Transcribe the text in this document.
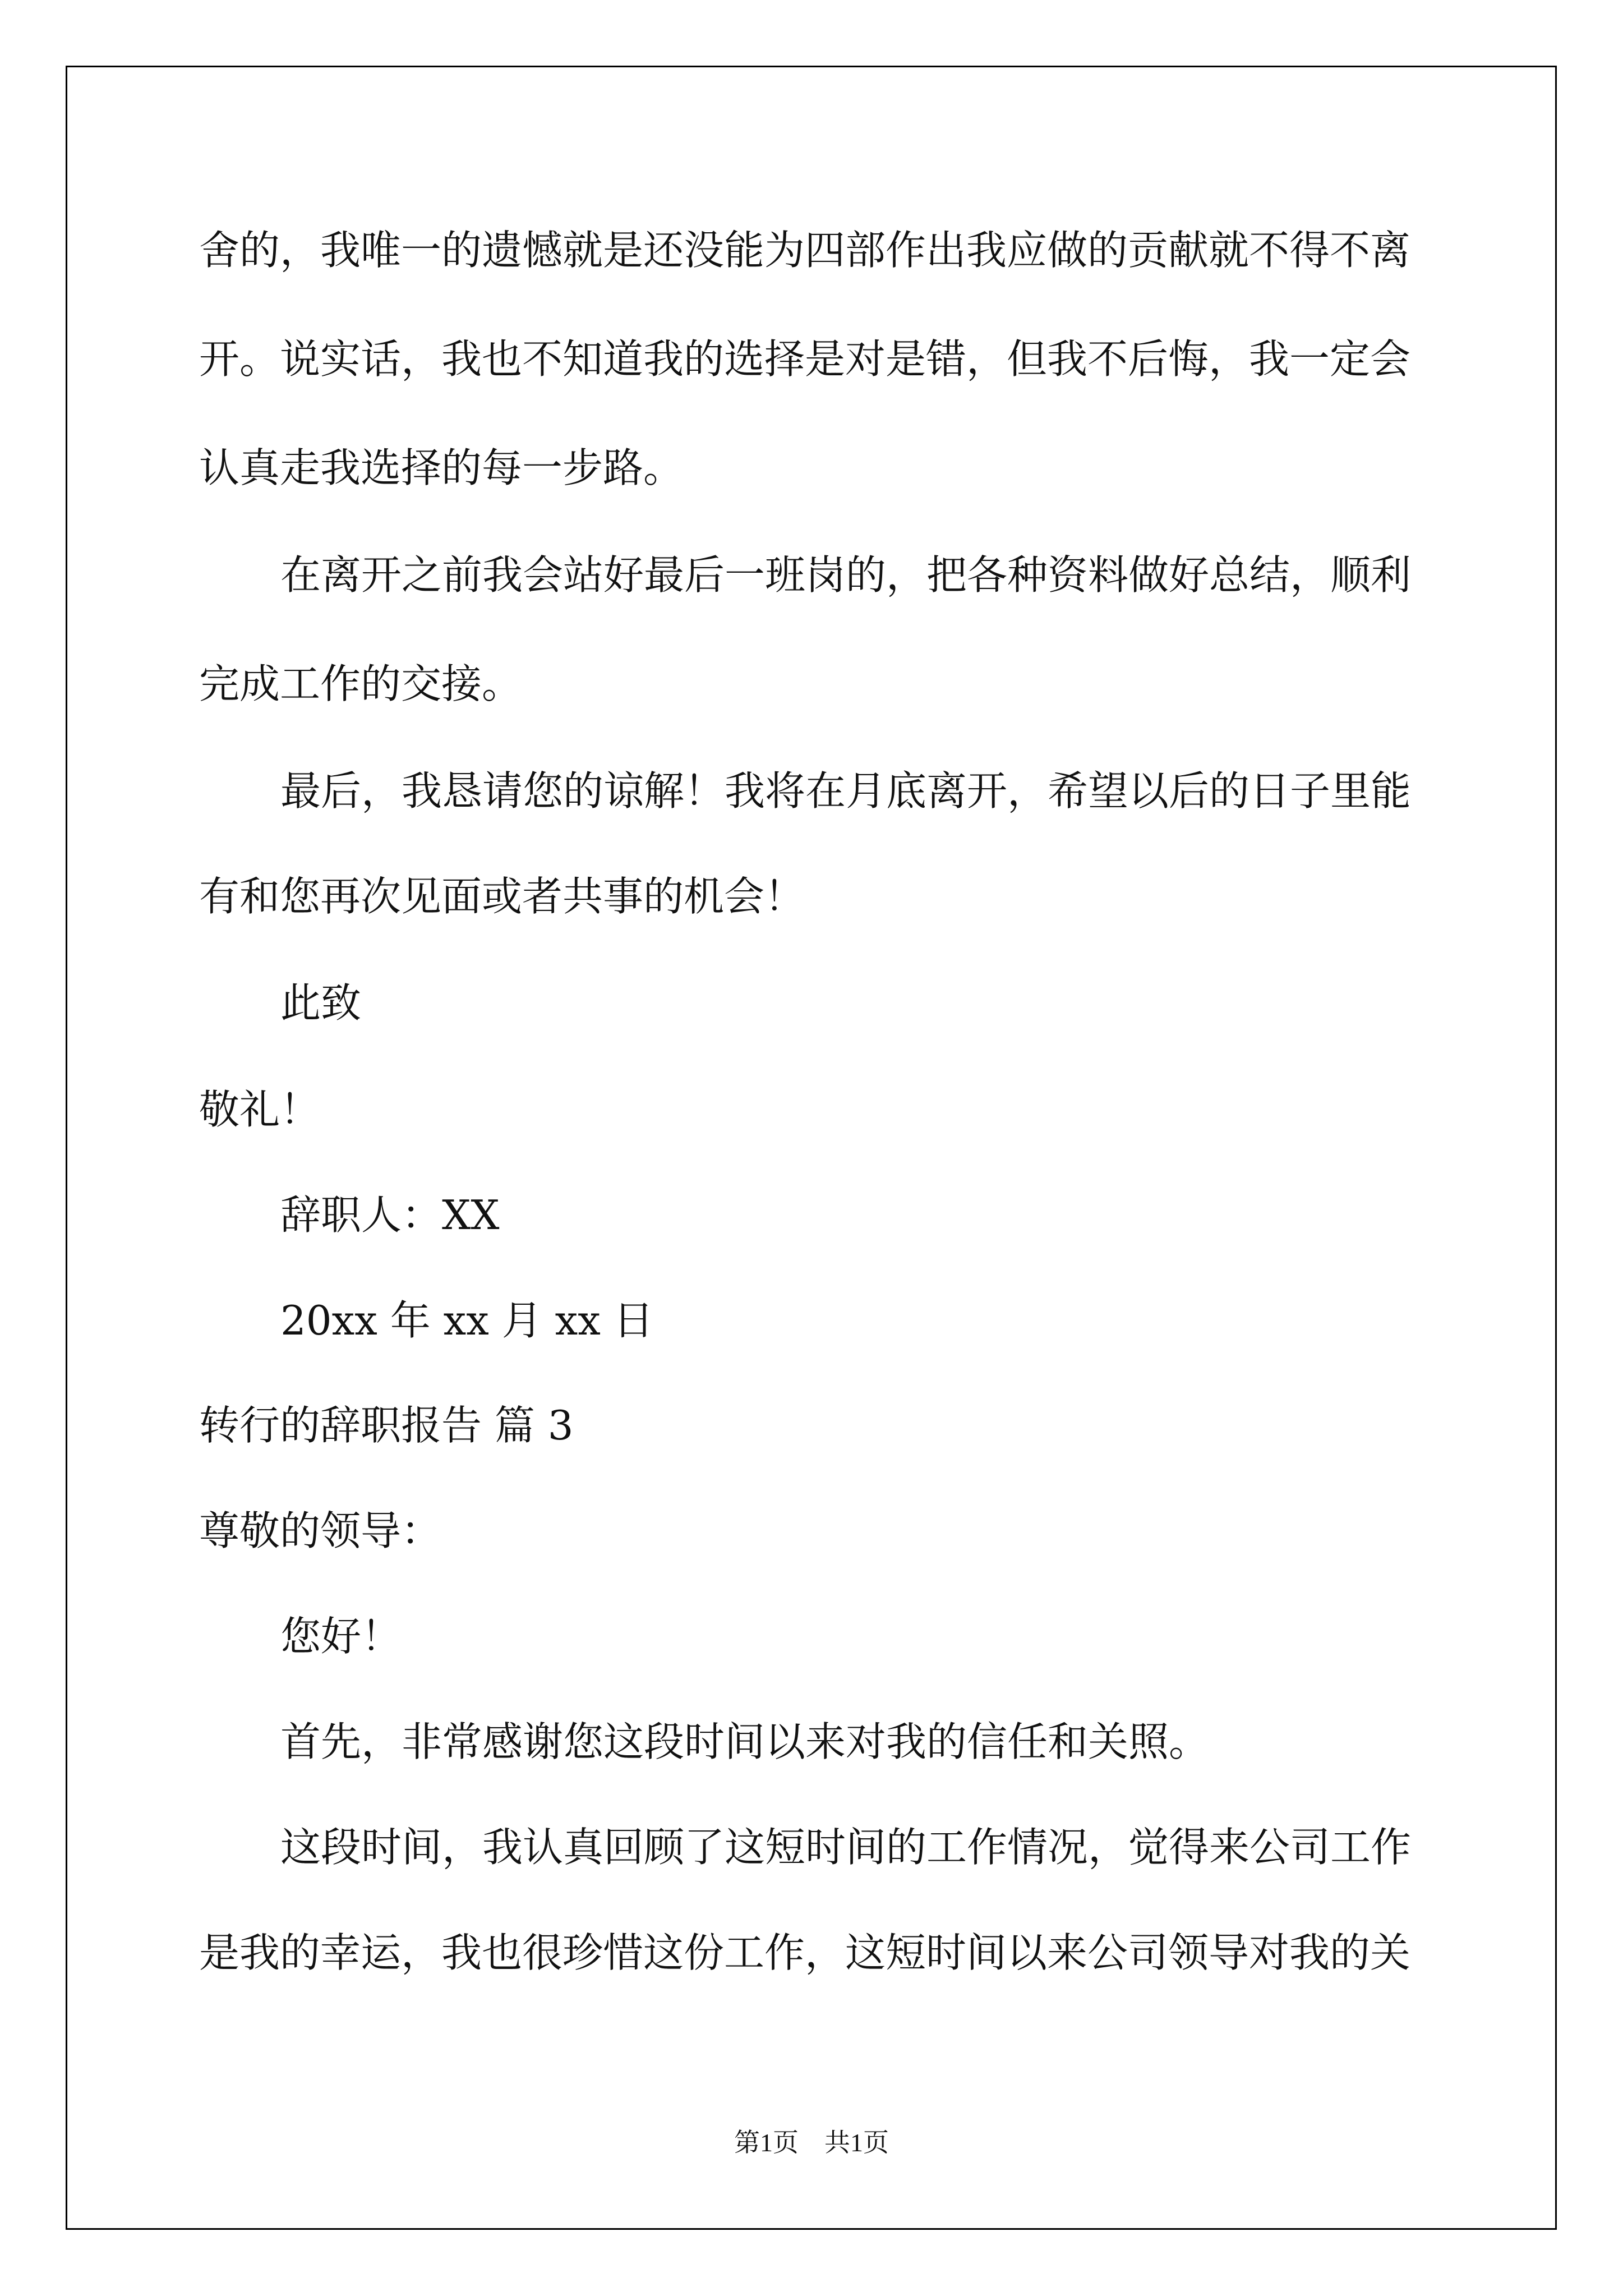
舍的，我唯一的遗憾就是还没能为四部作出我应做的贡献就不得不离

开。说实话，我也不知道我的选择是对是错，但我不后悔，我一定会

认真走我选择的每一步路。

在离开之前我会站好最后一班岗的，把各种资料做好总结，顺利

完成工作的交接。

最后，我恳请您的谅解！我将在月底离开，希望以后的日子里能

有和您再次见面或者共事的机会！

此致

敬礼！

辞职人：XX

20xx 年 xx 月 xx 日

转行的辞职报告 篇 3

尊敬的领导：

您好！

首先，非常感谢您这段时间以来对我的信任和关照。

这段时间，我认真回顾了这短时间的工作情况，觉得来公司工作

是我的幸运，我也很珍惜这份工作，这短时间以来公司领导对我的关

第1页　共1页
